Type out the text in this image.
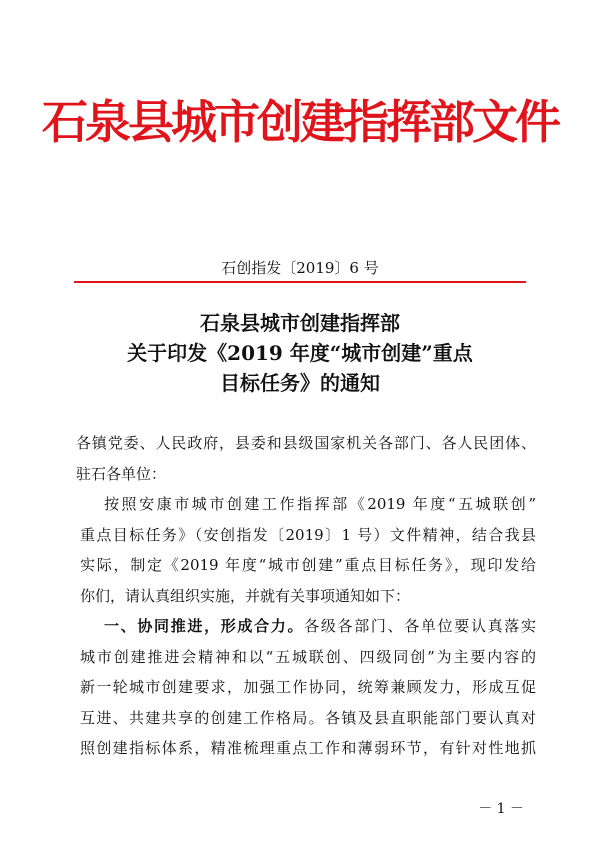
石泉县城市创建指挥部文件
石创指发〔2019〕6 号
石泉县城市创建指挥部
关于印发《2019 年度“城市创建”重点
目标任务》的通知
各镇党委、人民政府，县委和县级国家机关各部门、各人民团体、
驻石各单位：
按照安康市城市创建工作指挥部《2019 年度“五城联创”
重点目标任务》（安创指发〔2019〕1 号）文件精神，结合我县
实际，制定《2019 年度“城市创建”重点目标任务》，现印发给
你们，请认真组织实施，并就有关事项通知如下：
一、协同推进，形成合力。各级各部门、各单位要认真落实
城市创建推进会精神和以“五城联创、四级同创”为主要内容的
新一轮城市创建要求，加强工作协同，统筹兼顾发力，形成互促
互进、共建共享的创建工作格局。各镇及县直职能部门要认真对
照创建指标体系，精准梳理重点工作和薄弱环节，有针对性地抓
－ 1 －
